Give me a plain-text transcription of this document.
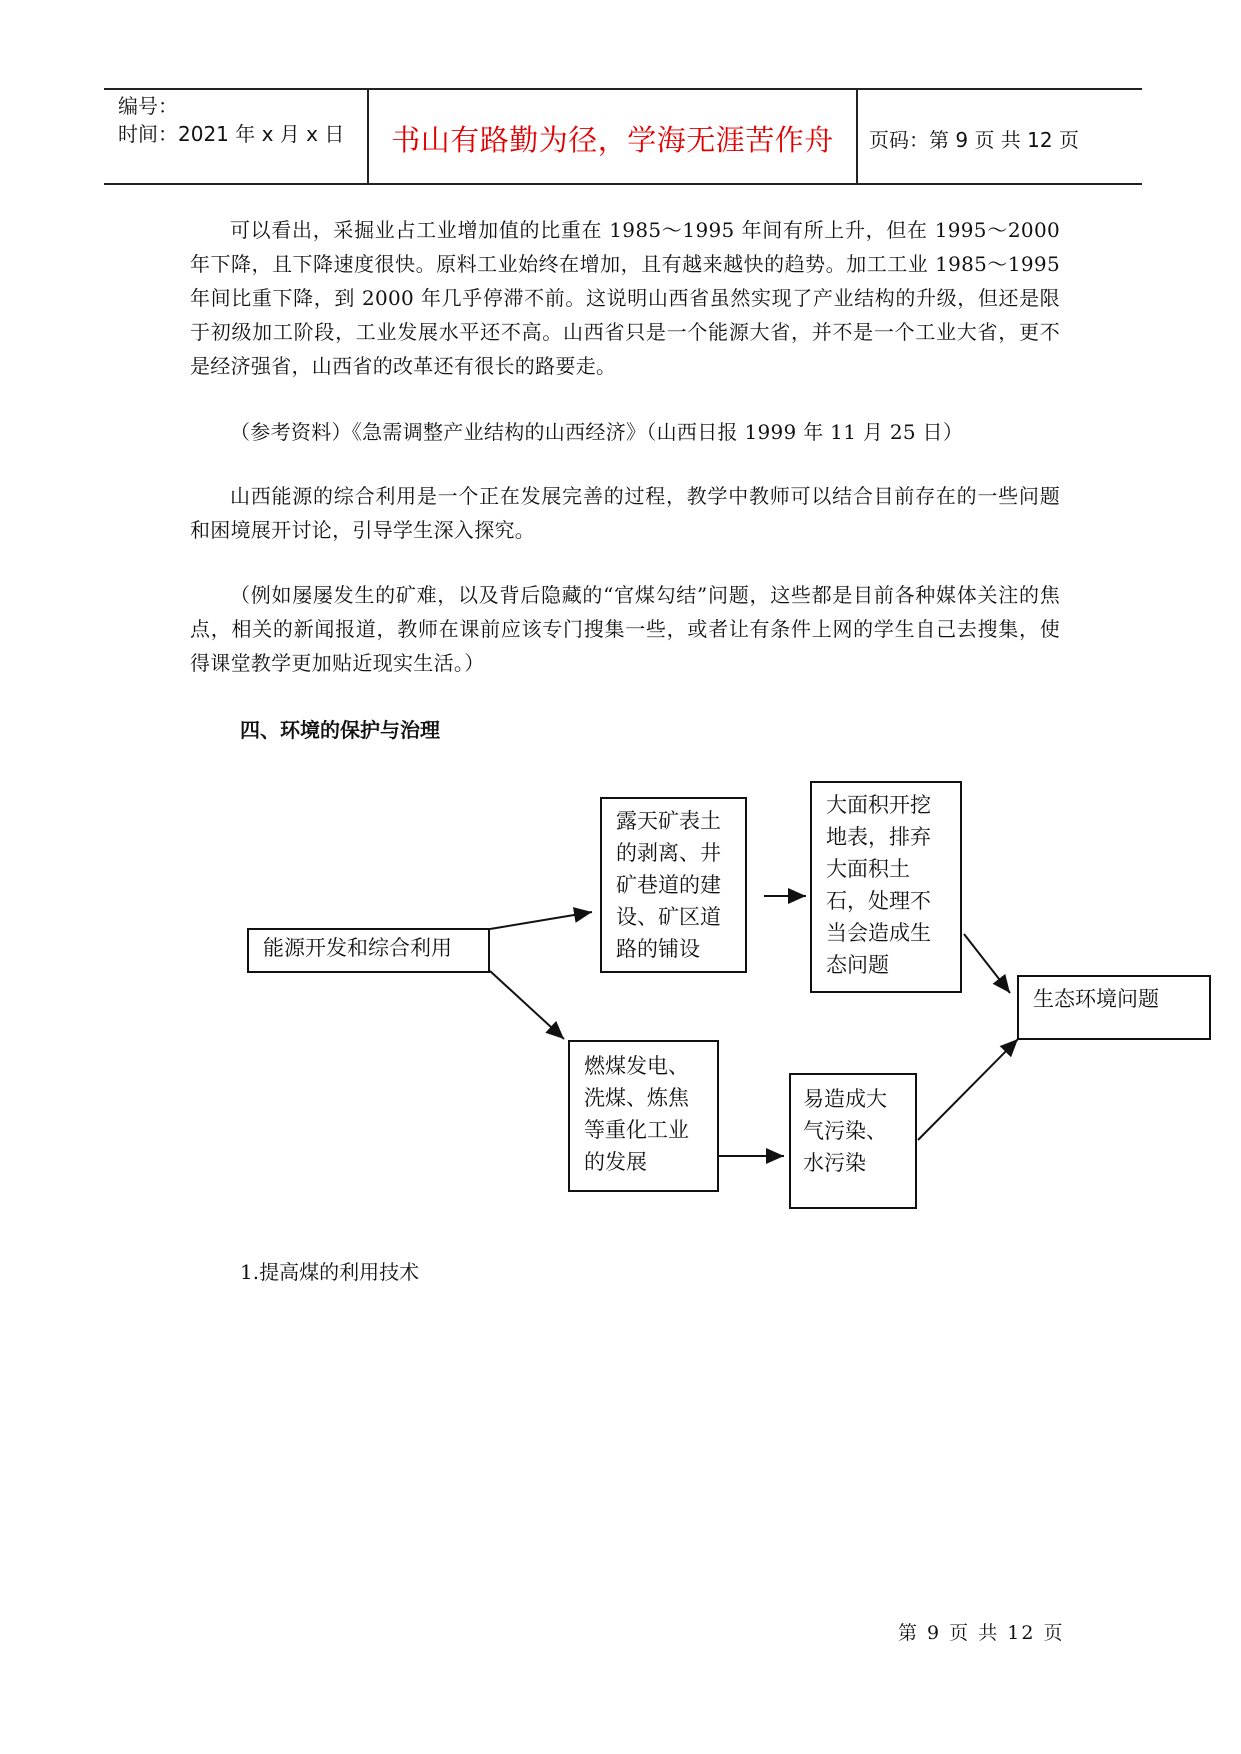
编号：
时间：2021 年 x 月 x 日	书山有路勤为径，学海无涯苦作舟	页码：第 9 页 共 12 页
可以看出，采掘业占工业增加值的比重在 1985～1995 年间有所上升，但在 1995～2000 年下降，且下降速度很快。原料工业始终在增加，且有越来越快的趋势。加工工业 1985～1995 年间比重下降，到 2000 年几乎停滞不前。这说明山西省虽然实现了产业结构的升级，但还是限于初级加工阶段，工业发展水平还不高。山西省只是一个能源大省，并不是一个工业大省，更不是经济强省，山西省的改革还有很长的路要走。
（参考资料）《急需调整产业结构的山西经济》（山西日报 1999 年 11 月 25 日）
山西能源的综合利用是一个正在发展完善的过程，教学中教师可以结合目前存在的一些问题和困境展开讨论，引导学生深入探究。
（例如屡屡发生的矿难，以及背后隐藏的“官煤勾结”问题，这些都是目前各种媒体关注的焦点，相关的新闻报道，教师在课前应该专门搜集一些，或者让有条件上网的学生自己去搜集，使得课堂教学更加贴近现实生活。）
四、环境的保护与治理
能源开发和综合利用
露天矿表土的剥离、井矿巷道的建设、矿区道路的铺设
大面积开挖地表，排弃大面积土石，处理不当会造成生态问题
生态环境问题
燃煤发电、洗煤、炼焦等重化工业的发展
易造成大气污染、水污染
1.提高煤的利用技术
第 9 页 共 12 页
